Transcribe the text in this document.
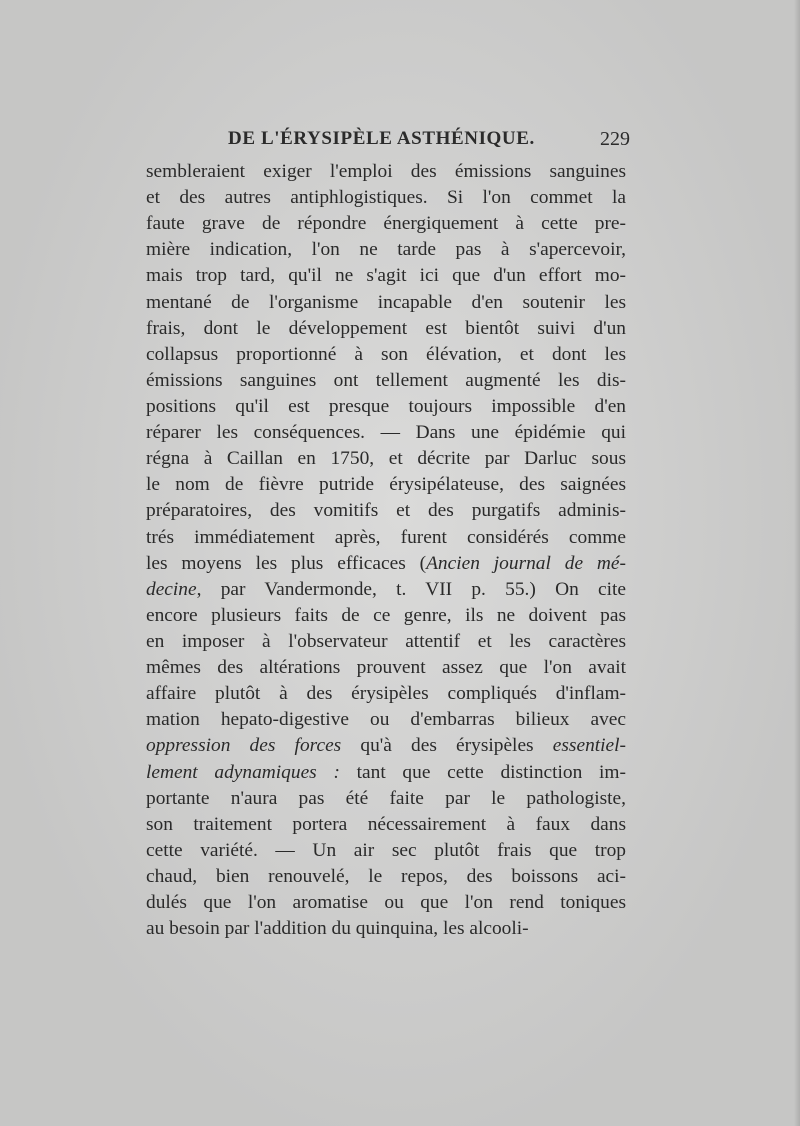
DE L'ÉRYSIPÈLE ASTHÉNIQUE.	229
sembleraient exiger l'emploi des émissions sanguines
et des autres antiphlogistiques. Si l'on commet la
faute grave de répondre énergiquement à cette pre-
mière indication, l'on ne tarde pas à s'apercevoir,
mais trop tard, qu'il ne s'agit ici que d'un effort mo-
mentané de l'organisme incapable d'en soutenir les
frais, dont le développement est bientôt suivi d'un
collapsus proportionné à son élévation, et dont les
émissions sanguines ont tellement augmenté les dis-
positions qu'il est presque toujours impossible d'en
réparer les conséquences. — Dans une épidémie qui
régna à Caillan en 1750, et décrite par Darluc sous
le nom de fièvre putride érysipélateuse, des saignées
préparatoires, des vomitifs et des purgatifs adminis-
trés immédiatement après, furent considérés comme
les moyens les plus efficaces (Ancien journal de mé-
decine, par Vandermonde, t. VII p. 55.) On cite
encore plusieurs faits de ce genre, ils ne doivent pas
en imposer à l'observateur attentif et les caractères
mêmes des altérations prouvent assez que l'on avait
affaire plutôt à des érysipèles compliqués d'inflam-
mation hepato-digestive ou d'embarras bilieux avec
oppression des forces qu'à des érysipèles essentiel-
lement adynamiques : tant que cette distinction im-
portante n'aura pas été faite par le pathologiste,
son traitement portera nécessairement à faux dans
cette variété. — Un air sec plutôt frais que trop
chaud, bien renouvelé, le repos, des boissons aci-
dulés que l'on aromatise ou que l'on rend toniques
au besoin par l'addition du quinquina, les alcooli-
